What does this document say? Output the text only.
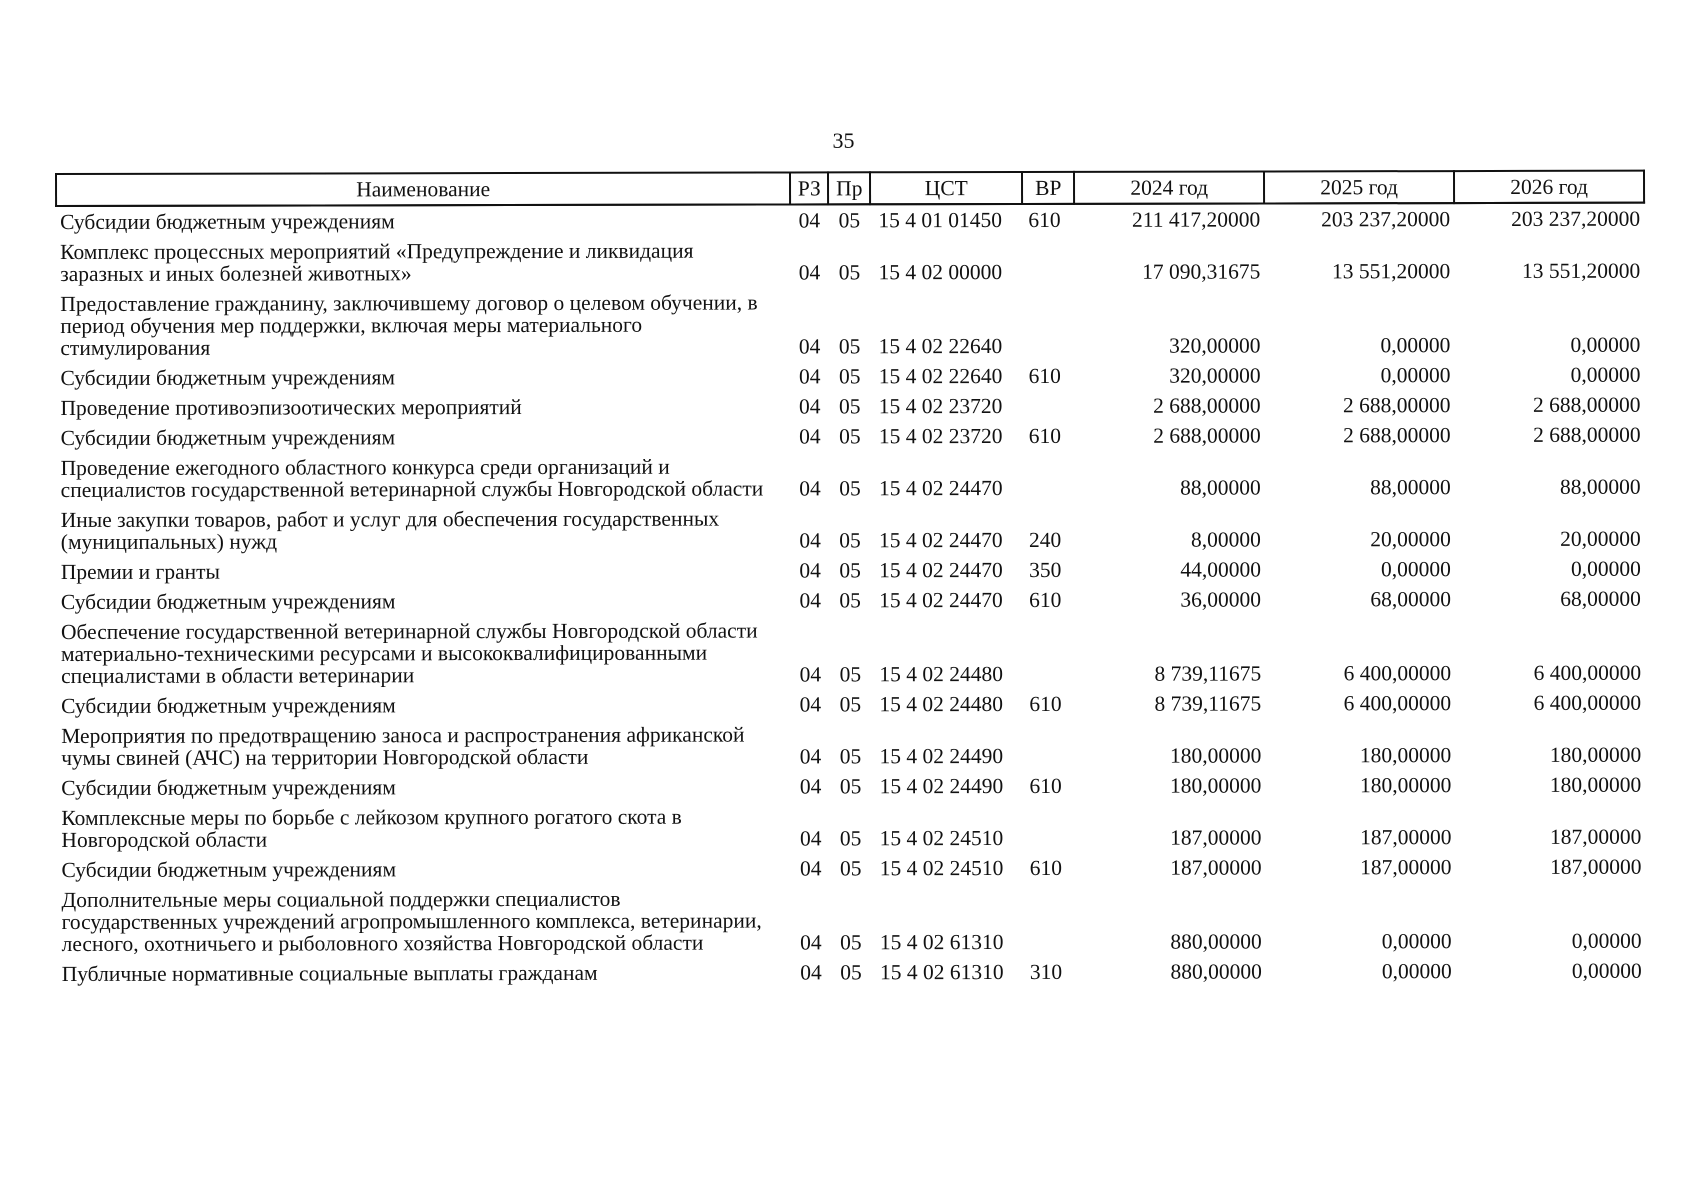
35
Наименование	РЗ	Пр	ЦСТ	ВР	2024 год	2025 год	2026 год
Субсидии бюджетным учреждениям	04	05	15 4 01 01450	610	211 417,20000	203 237,20000	203 237,20000
Комплекс процессных мероприятий «Предупреждение и ликвидация заразных и иных болезней животных»	04	05	15 4 02 00000		17 090,31675	13 551,20000	13 551,20000
Предоставление гражданину, заключившему договор о целевом обучении, в период обучения мер поддержки, включая меры материального стимулирования	04	05	15 4 02 22640		320,00000	0,00000	0,00000
Субсидии бюджетным учреждениям	04	05	15 4 02 22640	610	320,00000	0,00000	0,00000
Проведение противоэпизоотических мероприятий	04	05	15 4 02 23720		2 688,00000	2 688,00000	2 688,00000
Субсидии бюджетным учреждениям	04	05	15 4 02 23720	610	2 688,00000	2 688,00000	2 688,00000
Проведение ежегодного областного конкурса среди организаций и специалистов государственной ветеринарной службы Новгородской области	04	05	15 4 02 24470		88,00000	88,00000	88,00000
Иные закупки товаров, работ и услуг для обеспечения государственных (муниципальных) нужд	04	05	15 4 02 24470	240	8,00000	20,00000	20,00000
Премии и гранты	04	05	15 4 02 24470	350	44,00000	0,00000	0,00000
Субсидии бюджетным учреждениям	04	05	15 4 02 24470	610	36,00000	68,00000	68,00000
Обеспечение государственной ветеринарной службы Новгородской области материально-техническими ресурсами и высококвалифицированными специалистами в области ветеринарии	04	05	15 4 02 24480		8 739,11675	6 400,00000	6 400,00000
Субсидии бюджетным учреждениям	04	05	15 4 02 24480	610	8 739,11675	6 400,00000	6 400,00000
Мероприятия по предотвращению заноса и распространения африканской чумы свиней (АЧС) на территории Новгородской области	04	05	15 4 02 24490		180,00000	180,00000	180,00000
Субсидии бюджетным учреждениям	04	05	15 4 02 24490	610	180,00000	180,00000	180,00000
Комплексные меры по борьбе с лейкозом крупного рогатого скота в Новгородской области	04	05	15 4 02 24510		187,00000	187,00000	187,00000
Субсидии бюджетным учреждениям	04	05	15 4 02 24510	610	187,00000	187,00000	187,00000
Дополнительные меры социальной поддержки специалистов государственных учреждений агропромышленного комплекса, ветеринарии, лесного, охотничьего и рыболовного хозяйства Новгородской области	04	05	15 4 02 61310		880,00000	0,00000	0,00000
Публичные нормативные социальные выплаты гражданам	04	05	15 4 02 61310	310	880,00000	0,00000	0,00000
